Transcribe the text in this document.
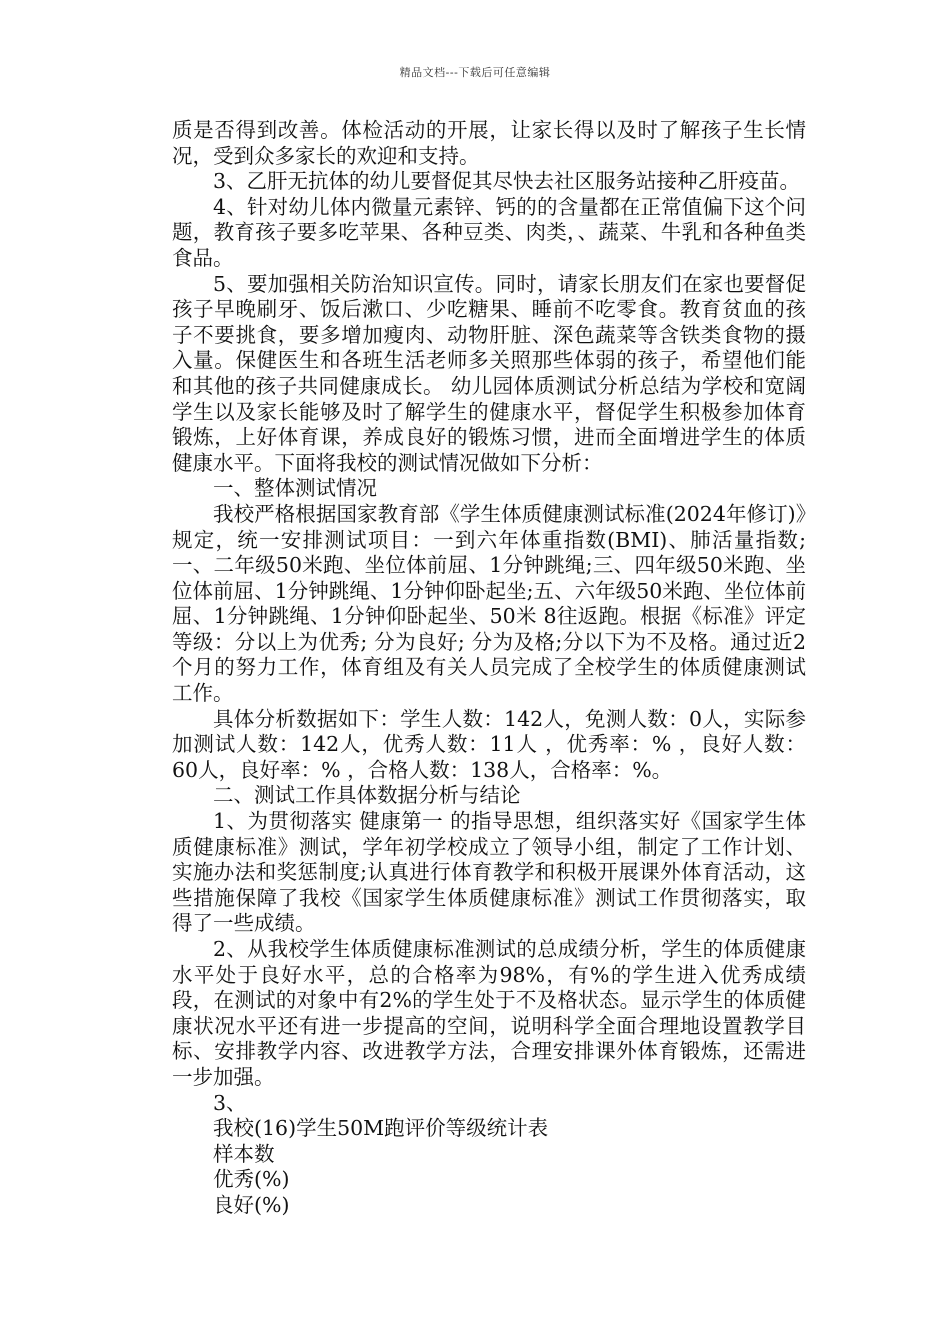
精品文档---下载后可任意编辑

质是否得到改善。体检活动的开展，让家长得以及时了解孩子生长情况，受到众多家长的欢迎和支持。

3、乙肝无抗体的幼儿要督促其尽快去社区服务站接种乙肝疫苗。

4、针对幼儿体内微量元素锌、钙的的含量都在正常值偏下这个问题，教育孩子要多吃苹果、各种豆类、肉类，、蔬菜、牛乳和各种鱼类食品。

5、要加强相关防治知识宣传。同时，请家长朋友们在家也要督促孩子早晚刷牙、饭后漱口、少吃糖果、睡前不吃零食。教育贫血的孩子不要挑食，要多增加瘦肉、动物肝脏、深色蔬菜等含铁类食物的摄入量。保健医生和各班生活老师多关照那些体弱的孩子，希望他们能和其他的孩子共同健康成长。 幼儿园体质测试分析总结为学校和宽阔学生以及家长能够及时了解学生的健康水平，督促学生积极参加体育锻炼，上好体育课，养成良好的锻炼习惯，进而全面增进学生的体质健康水平。下面将我校的测试情况做如下分析：

一、整体测试情况

我校严格根据国家教育部《学生体质健康测试标准(2024年修订)》规定，统一安排测试项目：一到六年体重指数(BMI)、肺活量指数;一、二年级50米跑、坐位体前屈、1分钟跳绳;三、四年级50米跑、坐位体前屈、1分钟跳绳、1分钟仰卧起坐;五、六年级50米跑、坐位体前屈、1分钟跳绳、1分钟仰卧起坐、50米 8往返跑。根据《标准》评定等级：分以上为优秀; 分为良好; 分为及格;分以下为不及格。通过近2个月的努力工作，体育组及有关人员完成了全校学生的体质健康测试工作。

具体分析数据如下：学生人数：142人，免测人数：0人，实际参加测试人数：142人，优秀人数：11人 ，优秀率：% ，良好人数：60人，良好率：% ，合格人数：138人，合格率：%。

二、测试工作具体数据分析与结论

1、为贯彻落实 健康第一 的指导思想，组织落实好《国家学生体质健康标准》测试，学年初学校成立了领导小组，制定了工作计划、实施办法和奖惩制度;认真进行体育教学和积极开展课外体育活动，这些措施保障了我校《国家学生体质健康标准》测试工作贯彻落实，取得了一些成绩。

2、从我校学生体质健康标准测试的总成绩分析，学生的体质健康水平处于良好水平，总的合格率为98%，有%的学生进入优秀成绩段，在测试的对象中有2%的学生处于不及格状态。显示学生的体质健康状况水平还有进一步提高的空间，说明科学全面合理地设置教学目标、安排教学内容、改进教学方法，合理安排课外体育锻炼，还需进一步加强。

3、

我校(16)学生50M跑评价等级统计表

样本数

优秀(%)

良好(%)
